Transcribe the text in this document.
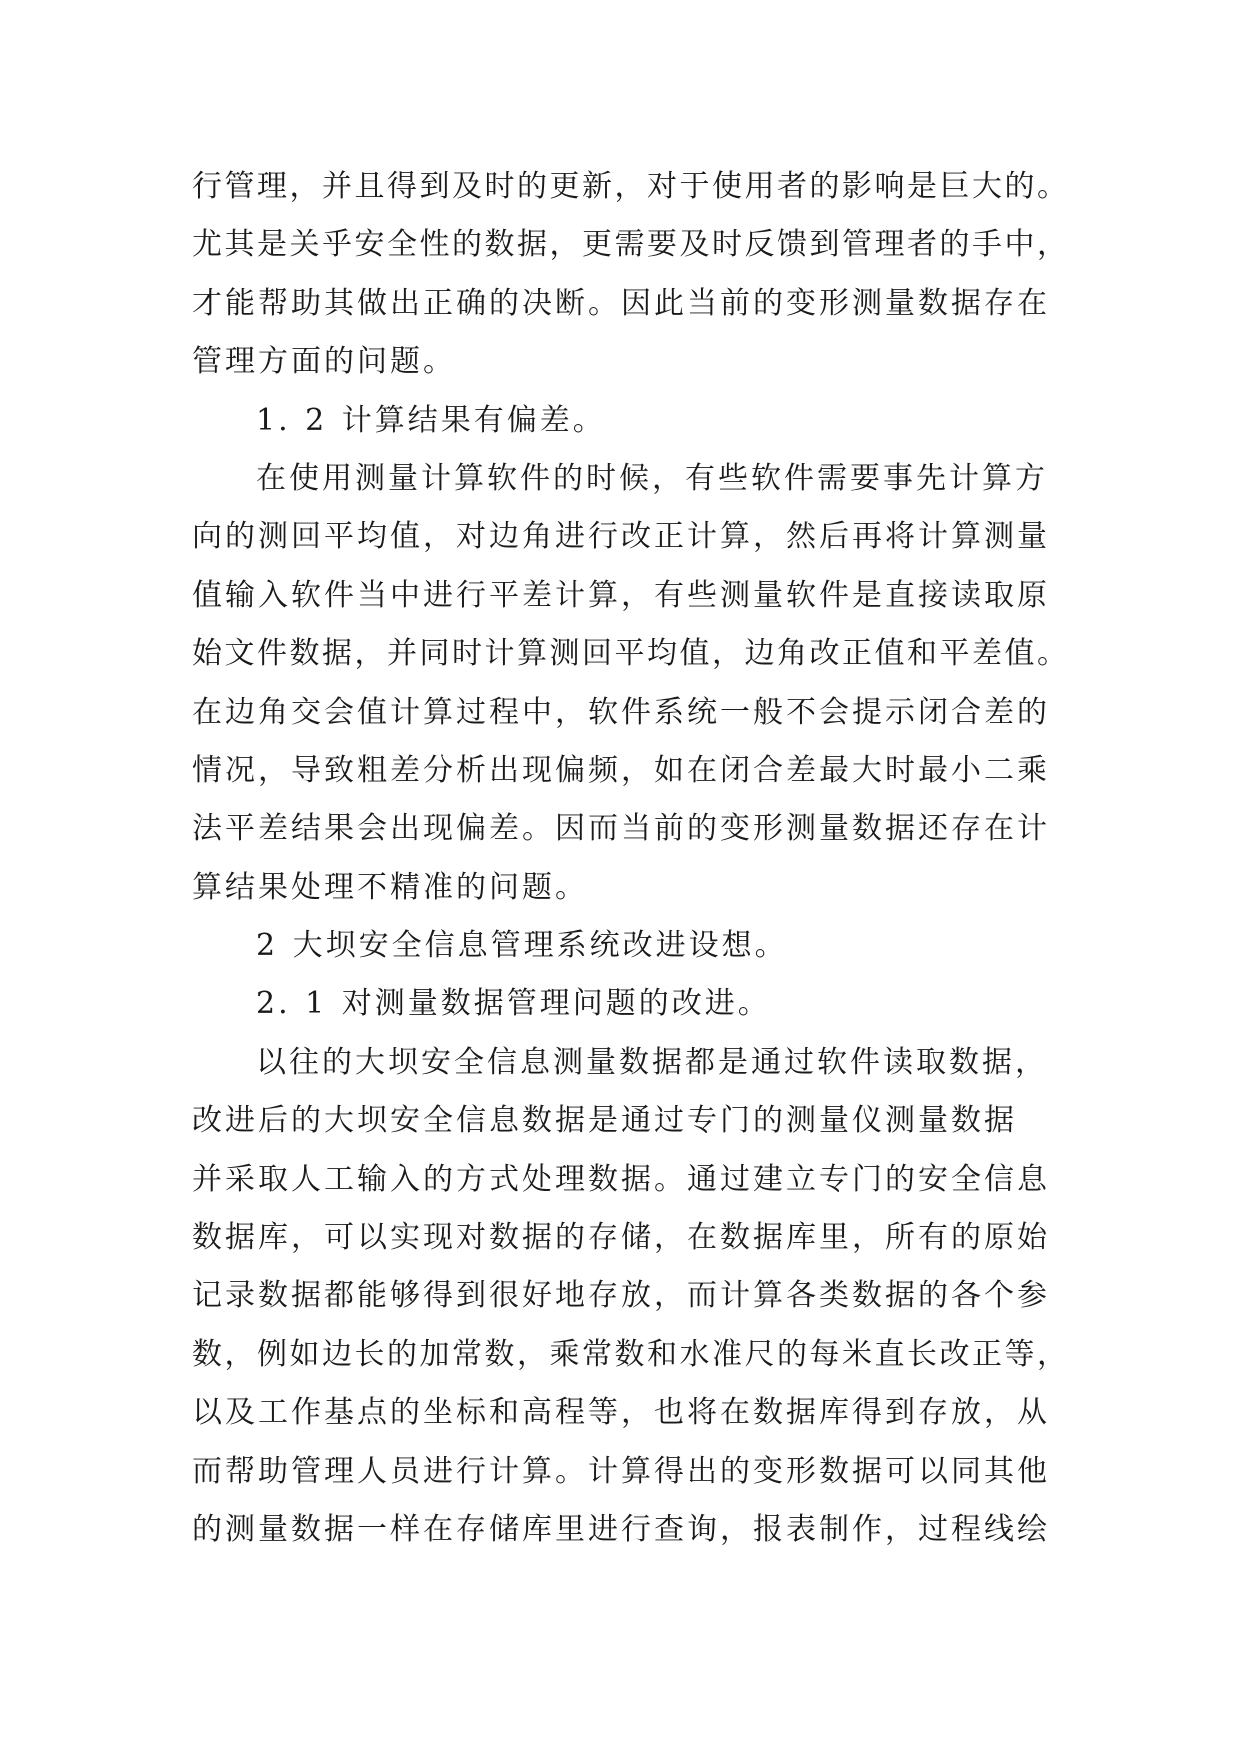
行管理，并且得到及时的更新，对于使用者的影响是巨大的。
尤其是关乎安全性的数据，更需要及时反馈到管理者的手中，
才能帮助其做出正确的决断。因此当前的变形测量数据存在
管理方面的问题。
1. 2 计算结果有偏差。
在使用测量计算软件的时候，有些软件需要事先计算方
向的测回平均值，对边角进行改正计算，然后再将计算测量
值输入软件当中进行平差计算，有些测量软件是直接读取原
始文件数据，并同时计算测回平均值，边角改正值和平差值。
在边角交会值计算过程中，软件系统一般不会提示闭合差的
情况，导致粗差分析出现偏频，如在闭合差最大时最小二乘
法平差结果会出现偏差。因而当前的变形测量数据还存在计
算结果处理不精准的问题。
2 大坝安全信息管理系统改进设想。
2. 1 对测量数据管理问题的改进。
以往的大坝安全信息测量数据都是通过软件读取数据，
改进后的大坝安全信息数据是通过专门的测量仪测量数据
并采取人工输入的方式处理数据。通过建立专门的安全信息
数据库，可以实现对数据的存储，在数据库里，所有的原始
记录数据都能够得到很好地存放，而计算各类数据的各个参
数，例如边长的加常数，乘常数和水准尺的每米直长改正等，
以及工作基点的坐标和高程等，也将在数据库得到存放，从
而帮助管理人员进行计算。计算得出的变形数据可以同其他
的测量数据一样在存储库里进行查询，报表制作，过程线绘
